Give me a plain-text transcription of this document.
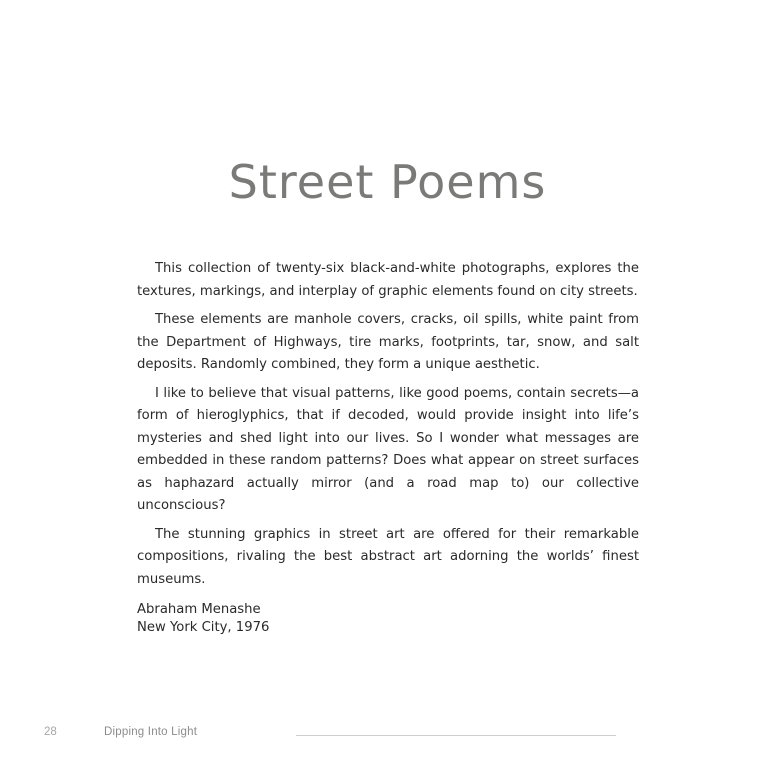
Street Poems

This collection of twenty-six black-and-white photographs, explores the textures, markings, and interplay of graphic elements found on city streets.

These elements are manhole covers, cracks, oil spills, white paint from the Department of Highways, tire marks, footprints, tar, snow, and salt deposits. Randomly combined, they form a unique aesthetic.

I like to believe that visual patterns, like good poems, contain secrets—a form of hieroglyphics, that if decoded, would provide insight into life’s mysteries and shed light into our lives. So I wonder what messages are embedded in these random patterns? Does what appear on street surfaces as haphazard actually mirror (and a road map to) our collective unconscious?

The stunning graphics in street art are offered for their remarkable compositions, rivaling the best abstract art adorning the worlds’ finest museums.

Abraham Menashe
New York City, 1976
28	Dipping Into Light
